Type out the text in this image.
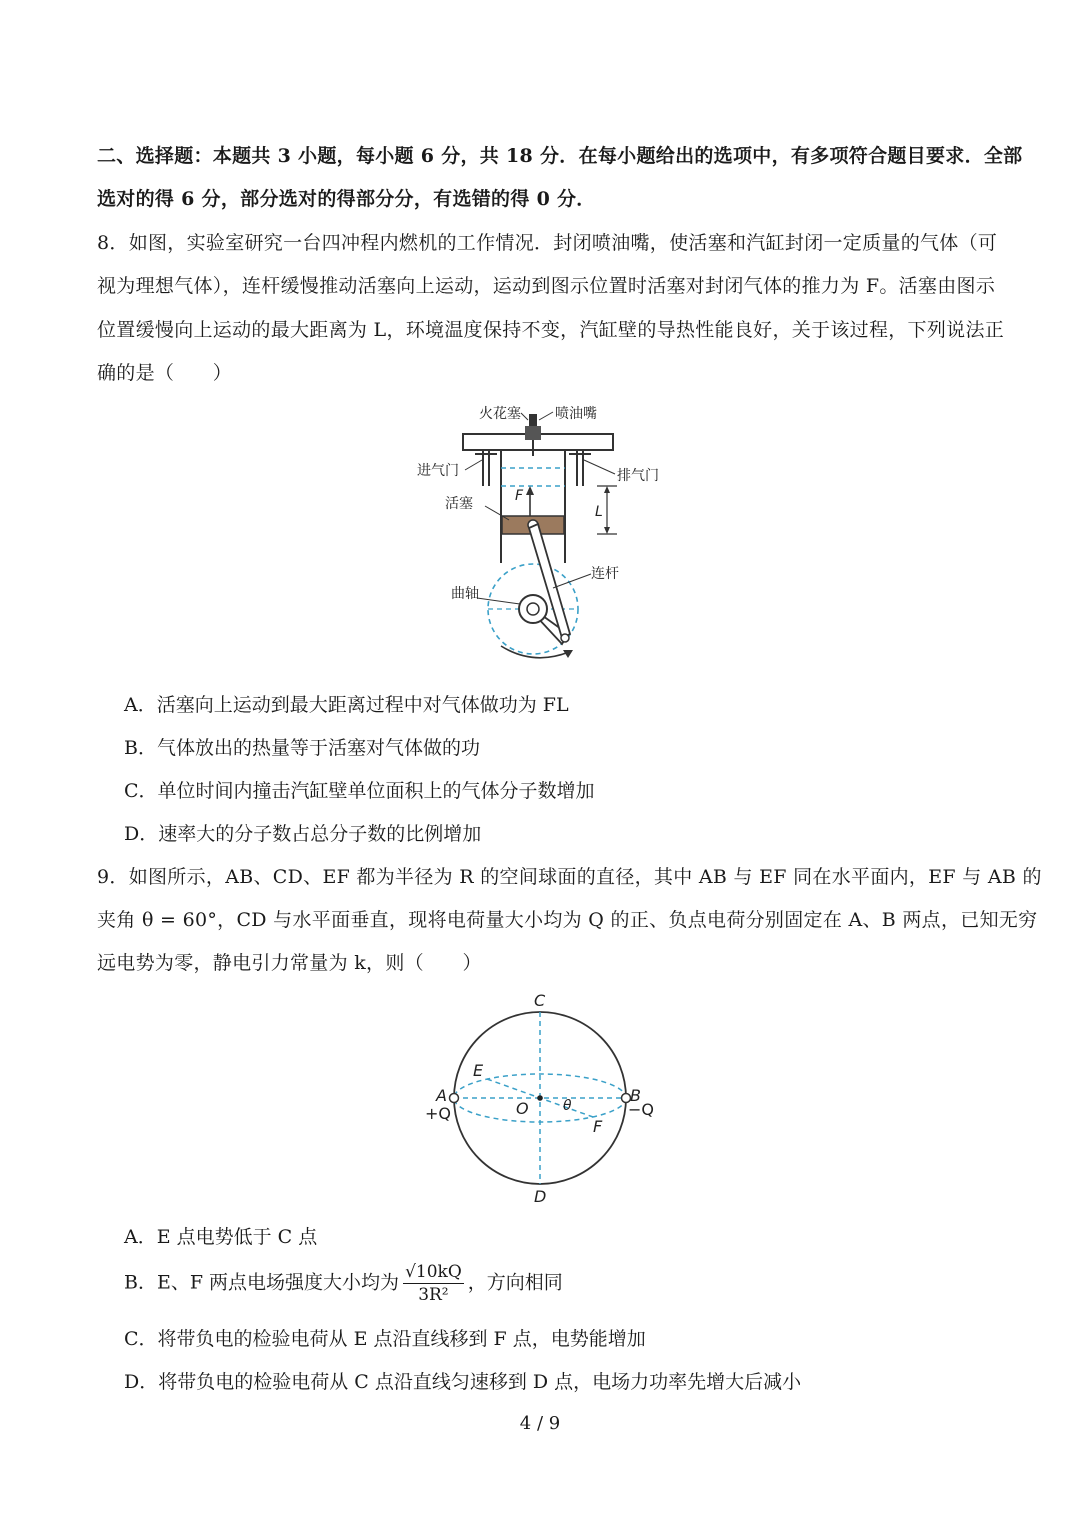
二、选择题：本题共 3 小题，每小题 6 分，共 18 分．在每小题给出的选项中，有多项符合题目要求．全部
选对的得 6 分，部分选对的得部分分，有选错的得 0 分．
8．如图，实验室研究一台四冲程内燃机的工作情况．封闭喷油嘴，使活塞和汽缸封闭一定质量的气体（可
视为理想气体），连杆缓慢推动活塞向上运动，运动到图示位置时活塞对封闭气体的推力为 F。活塞由图示
位置缓慢向上运动的最大距离为 L，环境温度保持不变，汽缸壁的导热性能良好，关于该过程，下列说法正
确的是（　　）
火花塞 喷油嘴
进气门	排气门
活塞	F
L
连杆
曲轴
A．活塞向上运动到最大距离过程中对气体做功为 FL
B．气体放出的热量等于活塞对气体做的功
C．单位时间内撞击汽缸壁单位面积上的气体分子数增加
D．速率大的分子数占总分子数的比例增加
9．如图所示，AB、CD、EF 都为半径为 R 的空间球面的直径，其中 AB 与 EF 同在水平面内，EF 与 AB 的
夹角 θ = 60°，CD 与水平面垂直，现将电荷量大小均为 Q 的正、负点电荷分别固定在 A、B 两点，已知无穷
远电势为零，静电引力常量为 k，则（　　）
C
D
E
F
O
A	B
+Q	−Q
θ
A．E 点电势低于 C 点
B．E、F 两点电场强度大小均为 $\frac{√10kQ}{\text{3R²}}$ ，方向相同
C．将带负电的检验电荷从 E 点沿直线移到 F 点，电势能增加
D．将带负电的检验电荷从 C 点沿直线匀速移到 D 点，电场力功率先增大后减小
4 / 9
